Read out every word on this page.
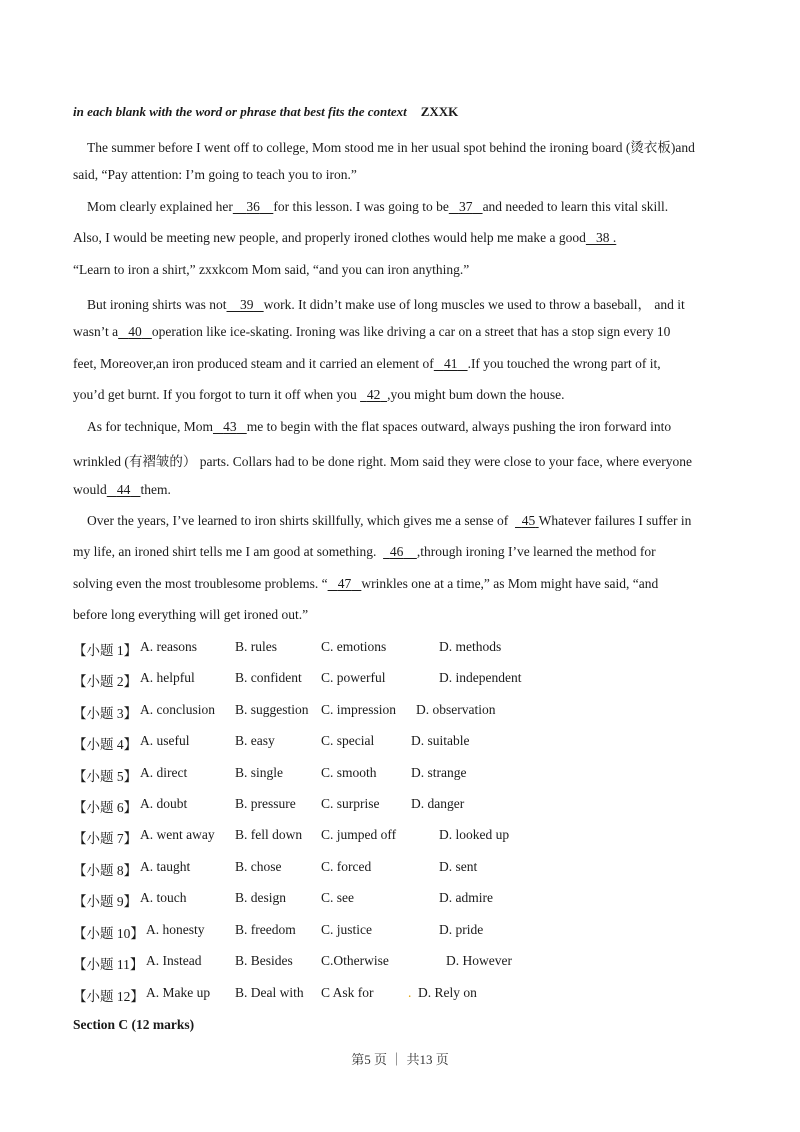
in each blank with the word or phrase that best fits the context ZXXK
The summer before I went off to college, Mom stood me in her usual spot behind the ironing board (烫衣板)and
said, “Pay attention: I’m going to teach you to iron.”
Mom clearly explained her 36 for this lesson. I was going to be 37 and needed to learn this vital skill.
Also, I would be meeting new people, and properly ironed clothes would help me make a good 38 .
“Learn to iron a shirt,” zxxkcom Mom said, “and you can iron anything.”
But ironing shirts was not 39 work. It didn’t make use of long muscles we used to throw a baseball， and it
wasn’t a 40 operation like ice-skating. Ironing was like driving a car on a street that has a stop sign every 10
feet, Moreover,an iron produced steam and it carried an element of 41 .If you touched the wrong part of it,
you’d get burnt. If you forgot to turn it off when you 42 ,you might bum down the house.
As for technique, Mom 43 me to begin with the flat spaces outward, always pushing the iron forward into
wrinkled (有褶皱的） parts. Collars had to be done right. Mom said they were close to your face, where everyone
would 44 them.
Over the years, I’ve learned to iron shirts skillfully, which gives me a sense of 45 Whatever failures I suffer in
my life, an ironed shirt tells me I am good at something. 46 ,through ironing I’ve learned the method for
solving even the most troublesome problems. “ 47 wrinkles one at a time,” as Mom might have said, “and
before long everything will get ironed out.”
【小题 1】 A. reasons	B. rules	C. emotions	D. methods
【小题 2】 A. helpful	B. confident C. powerful	D. independent
【小题 3】 A. conclusion B. suggestion C. impression D. observation
【小题 4】 A. useful	B. easy	C. special	D. suitable
【小题 5】 A. direct	B. single	C. smooth	D. strange
【小题 6】 A. doubt	B. pressure C. surprise D. danger
【小题 7】 A. went away B. fell down C. jumped off	D. looked up
【小题 8】 A. taught	B. chose	C. forced	D. sent
【小题 9】 A. touch	B. design	C. see	D. admire
【小题 10】 A. honesty B. freedom C. justice	D. pride
【小题 11】 A. Instead B. Besides C.Otherwise	D. However
【小题 12】 A. Make up B. Deal with C Ask for	. D. Rely on
Section C (12 marks)
第5 页 ｜ 共13 页
